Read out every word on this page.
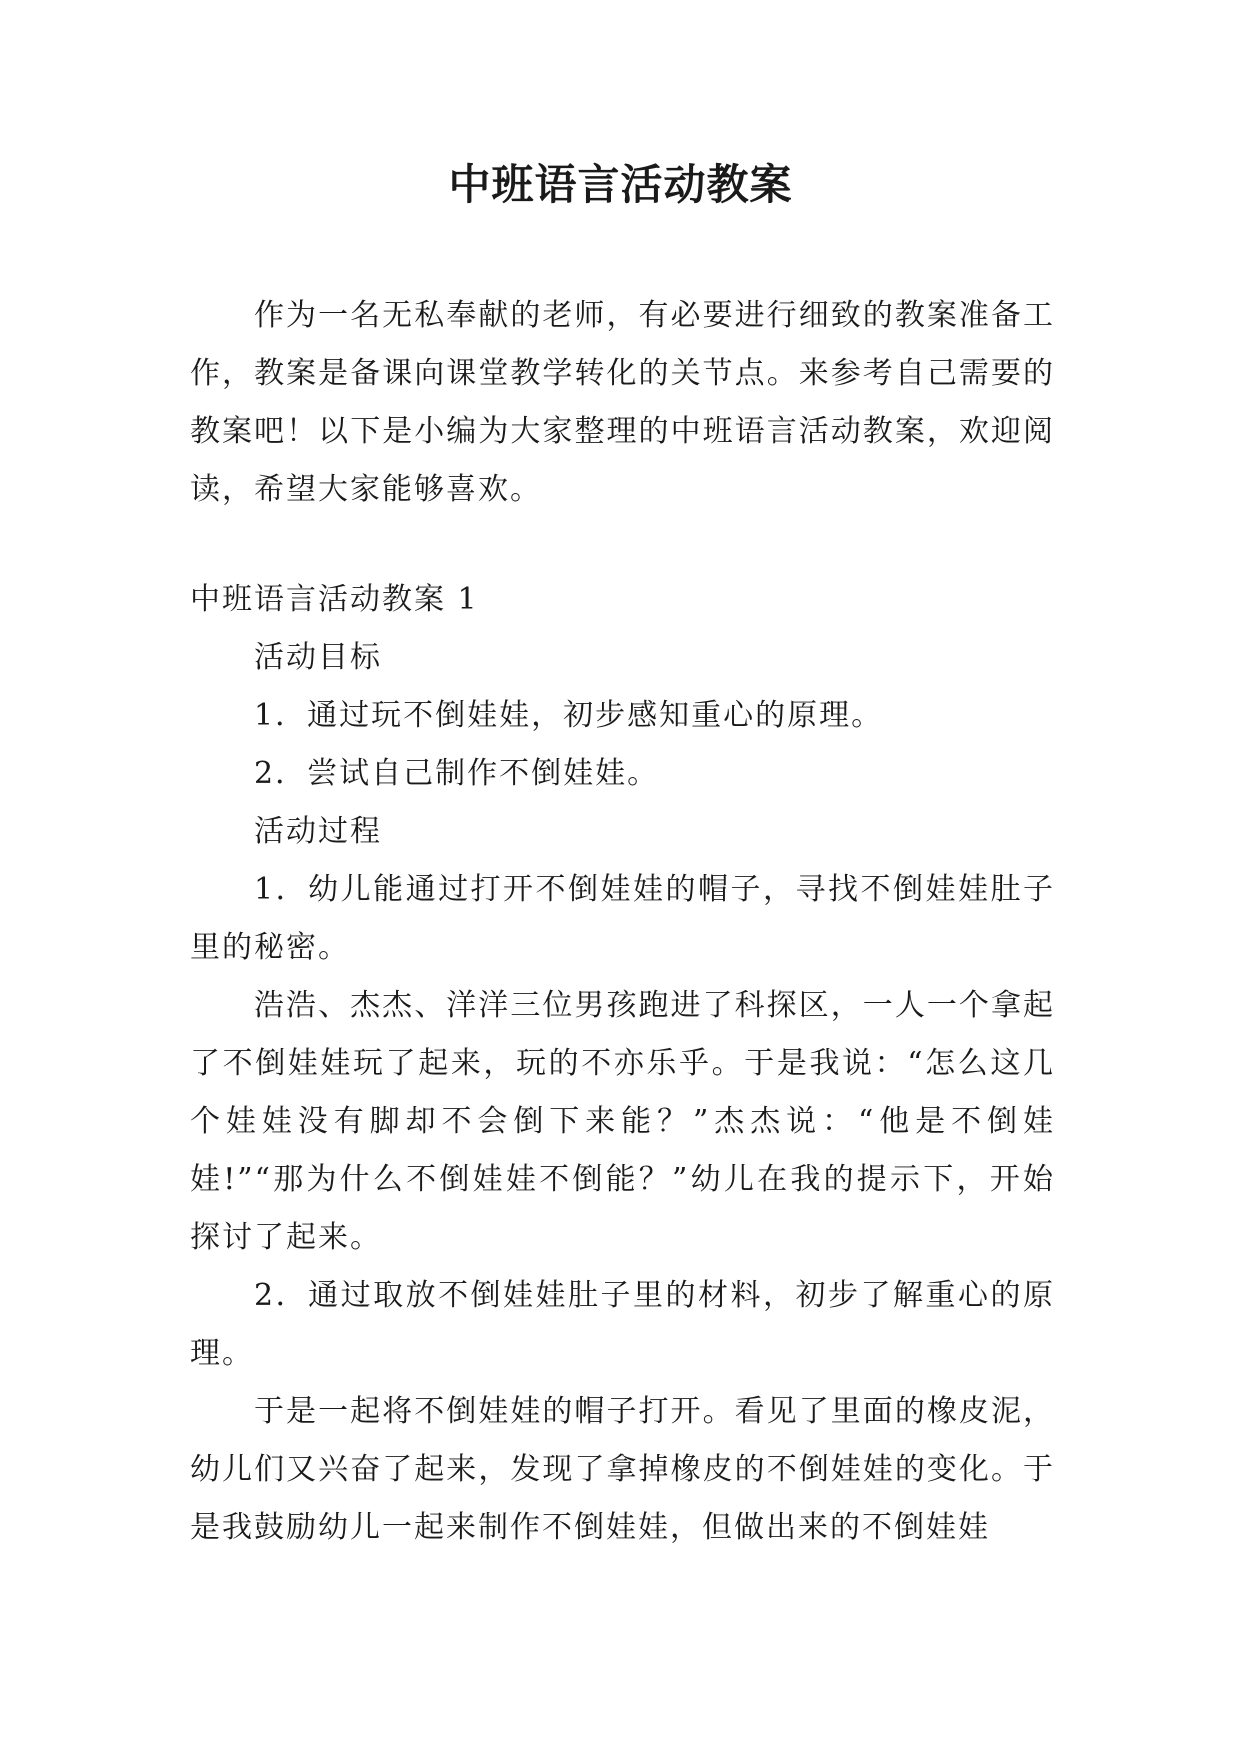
中班语言活动教案

作为一名无私奉献的老师，有必要进行细致的教案准备工作，教案是备课向课堂教学转化的关节点。来参考自己需要的教案吧！以下是小编为大家整理的中班语言活动教案，欢迎阅读，希望大家能够喜欢。

中班语言活动教案 1

活动目标

1．通过玩不倒娃娃，初步感知重心的原理。

2．尝试自己制作不倒娃娃。

活动过程

1．幼儿能通过打开不倒娃娃的帽子，寻找不倒娃娃肚子里的秘密。

浩浩、杰杰、洋洋三位男孩跑进了科探区，一人一个拿起了不倒娃娃玩了起来，玩的不亦乐乎。于是我说：“怎么这几个娃娃没有脚却不会倒下来能？”杰杰说：“他是不倒娃娃!”“那为什么不倒娃娃不倒能？”幼儿在我的提示下，开始探讨了起来。

2．通过取放不倒娃娃肚子里的材料，初步了解重心的原理。

于是一起将不倒娃娃的帽子打开。看见了里面的橡皮泥，幼儿们又兴奋了起来，发现了拿掉橡皮的不倒娃娃的变化。于是我鼓励幼儿一起来制作不倒娃娃，但做出来的不倒娃娃
